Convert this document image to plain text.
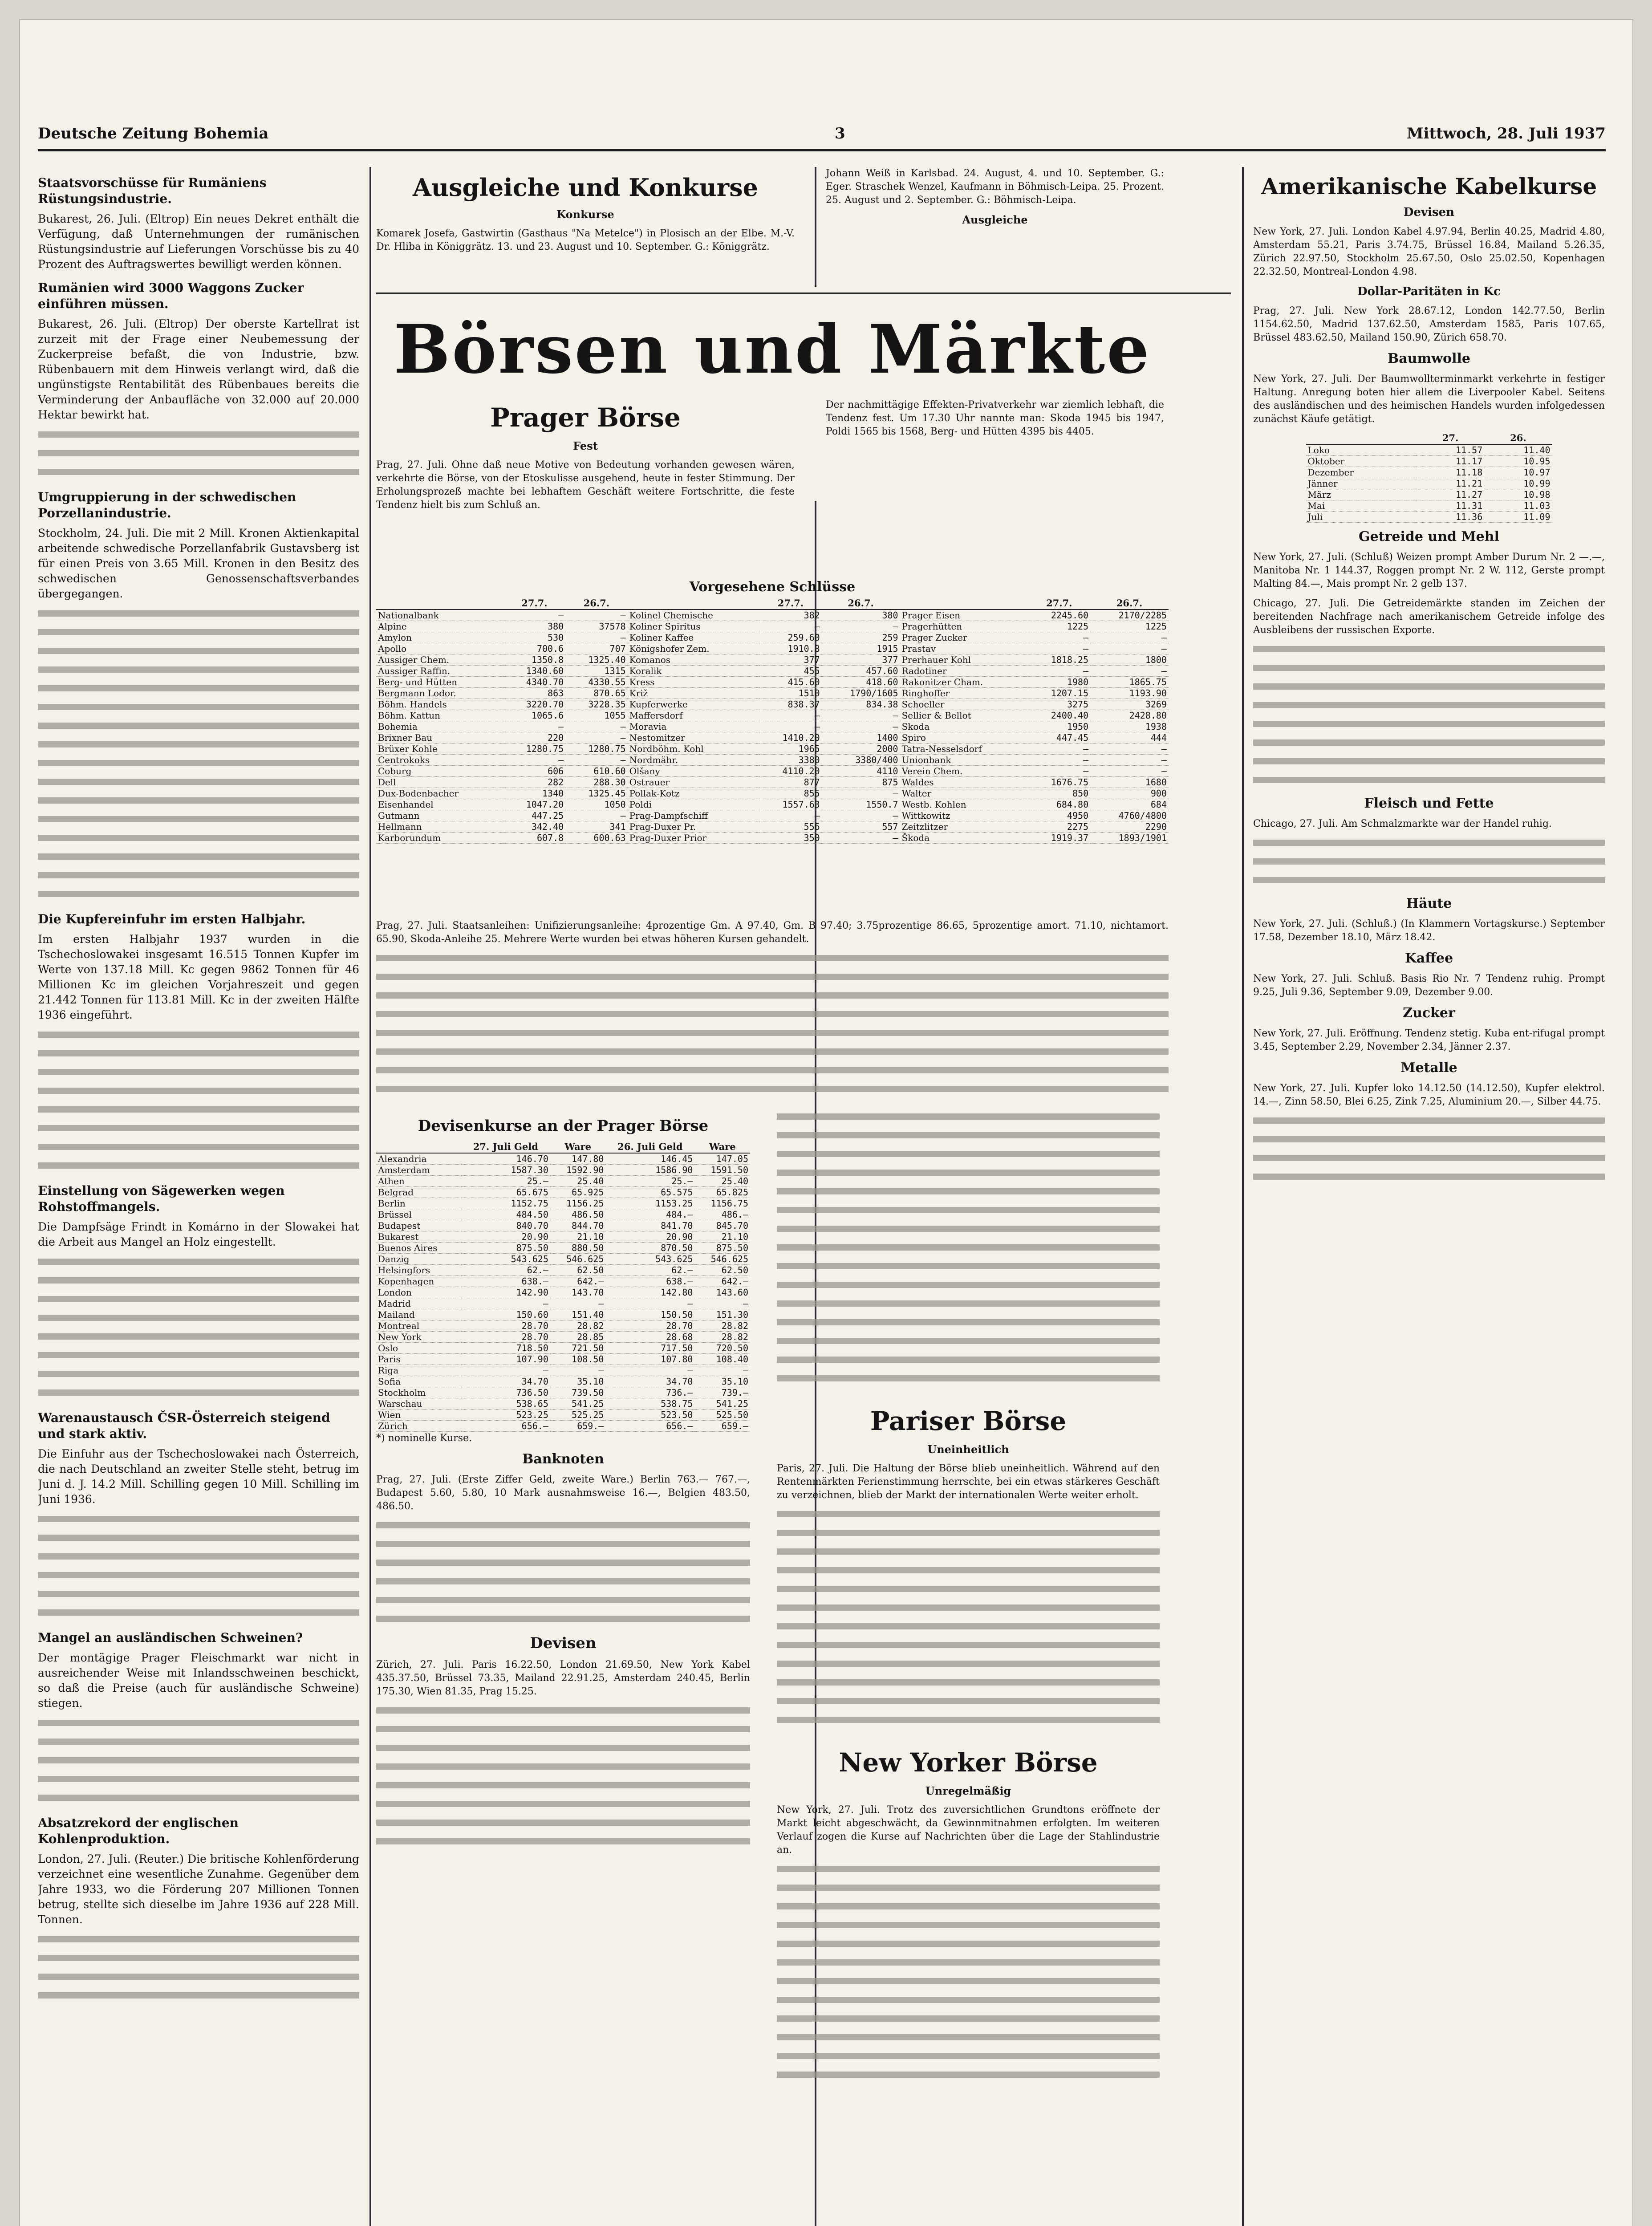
Deutsche Zeitung Bohemia	3	Mittwoch, 28. Juli 1937
Staatsvorschüsse für Rumäniens Rüstungsindustrie.

Bukarest, 26. Juli. (Eltrop) Ein neues Dekret enthält die Verfügung, daß Unternehmungen der rumänischen Rüstungsindustrie auf Lieferungen Vorschüsse bis zu 40 Prozent des Auftragswertes bewilligt werden können.

Rumänien wird 3000 Waggons Zucker einführen müssen.

Bukarest, 26. Juli. (Eltrop) Der oberste Kartellrat ist zurzeit mit der Frage einer Neubemessung der Zuckerpreise befaßt, die von Industrie, bzw. Rübenbauern mit dem Hinweis verlangt wird, daß die ungünstigste Rentabilität des Rübenbaues bereits die Verminderung der Anbaufläche von 32.000 auf 20.000 Hektar bewirkt hat.

Umgruppierung in der schwedischen Porzellanindustrie.

Stockholm, 24. Juli. Die mit 2 Mill. Kronen Aktienkapital arbeitende schwedische Porzellanfabrik Gustavsberg ist für einen Preis von 3.65 Mill. Kronen in den Besitz des schwedischen Genossenschaftsverbandes übergegangen.

Die Kupfereinfuhr im ersten Halbjahr.

Im ersten Halbjahr 1937 wurden in die Tschechoslowakei insgesamt 16.515 Tonnen Kupfer im Werte von 137.18 Mill. Kc gegen 9862 Tonnen für 46 Millionen Kc im gleichen Vorjahreszeit und gegen 21.442 Tonnen für 113.81 Mill. Kc in der zweiten Hälfte 1936 eingeführt.

Einstellung von Sägewerken wegen Rohstoffmangels.

Die Dampfsäge Frindt in Komárno in der Slowakei hat die Arbeit aus Mangel an Holz eingestellt.

Warenaustausch ČSR-Österreich steigend und stark aktiv.

Die Einfuhr aus der Tschechoslowakei nach Österreich, die nach Deutschland an zweiter Stelle steht, betrug im Juni d. J. 14.2 Mill. Schilling gegen 10 Mill. Schilling im Juni 1936.

Mangel an ausländischen Schweinen?

Der montägige Prager Fleischmarkt war nicht in ausreichender Weise mit Inlandsschweinen beschickt, so daß die Preise (auch für ausländische Schweine) stiegen.

Absatzrekord der englischen Kohlenproduktion.

London, 27. Juli. (Reuter.) Die britische Kohlenförderung verzeichnet eine wesentliche Zunahme. Gegenüber dem Jahre 1933, wo die Förderung 207 Millionen Tonnen betrug, stellte sich dieselbe im Jahre 1936 auf 228 Mill. Tonnen.

Ausgleiche und Konkurse
Konkurse

Komarek Josefa, Gastwirtin (Gasthaus "Na Metelce") in Plosisch an der Elbe. M.-V. Dr. Hliba in Königgrätz. 13. und 23. August und 10. September. G.: Königgrätz.

Johann Weiß in Karlsbad. 24. August, 4. und 10. September. G.: Eger. Straschek Wenzel, Kaufmann in Böhmisch-Leipa. 25. Prozent. 25. August und 2. September. G.: Böhmisch-Leipa.

Ausgleiche
Börsen und Märkte
Prager Börse
Fest

Prag, 27. Juli. Ohne daß neue Motive von Bedeutung vorhanden gewesen wären, verkehrte die Börse, von der Etoskulisse ausgehend, heute in fester Stimmung. Der Erholungsprozeß machte bei lebhaftem Geschäft weitere Fortschritte, die feste Tendenz hielt bis zum Schluß an.

Der nachmittägige Effekten-Privatverkehr war ziemlich lebhaft, die Tendenz fest. Um 17.30 Uhr nannte man: Skoda 1945 bis 1947, Poldi 1565 bis 1568, Berg- und Hütten 4395 bis 4405.

Vorgesehene Schlüsse
	27.7.	26.7.		27.7.	26.7.		27.7.	26.7.
Nationalbank	—	—	Kolinel Chemische	382	380	Prager Eisen	2245.60	2170/2285
Alpine	380	37578	Koliner Spiritus	—	—	Pragerhütten	1225	1225
Amylon	530	—	Koliner Kaffee	259.60	259	Prager Zucker	—	—
Apollo	700.6	707	Königshofer Zem.	1910.8	1915	Prastav	—	—
Aussiger Chem.	1350.8	1325.40	Komanos	377	377	Prerhauer Kohl	1818.25	1800
Aussiger Raffin.	1340.60	1315	Koralik	455	457.60	Radotiner	—	—
Berg- und Hütten	4340.70	4330.55	Kress	415.60	418.60	Rakonitzer Cham.	1980	1865.75
Bergmann Lodor.	863	870.65	Križ	1510	1790/1605	Ringhoffer	1207.15	1193.90
Böhm. Handels	3220.70	3228.35	Kupferwerke	838.37	834.38	Schoeller	3275	3269
Böhm. Kattun	1065.6	1055	Maffersdorf	—	—	Sellier & Bellot	2400.40	2428.80
Bohemia	—	—	Moravia	—	—	Skoda	1950	1938
Brixner Bau	220	—	Nestomitzer	1410.20	1400	Spiro	447.45	444
Brüxer Kohle	1280.75	1280.75	Nordböhm. Kohl	1965	2000	Tatra-Nesselsdorf	—	—
Centrokoks	—	—	Nordmähr.	3380	3380/400	Unionbank	—	—
Coburg	606	610.60	Olšany	4110.20	4110	Verein Chem.	—	—
Dell	282	288.30	Ostrauer	877	875	Waldes	1676.75	1680
Dux-Bodenbacher	1340	1325.45	Pollak-Kotz	855	—	Walter	850	900
Eisenhandel	1047.20	1050	Poldi	1557.63	1550.7	Westb. Kohlen	684.80	684
Gutmann	447.25	—	Prag-Dampfschiff	—	—	Wittkowitz	4950	4760/4800
Hellmann	342.40	341	Prag-Duxer Pr.	556	557	Zeitzlitzer	2275	2290
Karborundum	607.8	600.63	Prag-Duxer Prior	350	—	Škoda	1919.37	1893/1901

Prag, 27. Juli. Staatsanleihen: Unifizierungsanleihe: 4prozentige Gm. A 97.40, Gm. B 97.40; 3.75prozentige 86.65, 5prozentige amort. 71.10, nichtamort. 65.90, Skoda-Anleihe 25. Mehrere Werte wurden bei etwas höheren Kursen gehandelt.

Devisenkurse an der Prager Börse
	27. Juli Geld	Ware	26. Juli Geld	Ware
Alexandria	146.70	147.80	146.45	147.05
Amsterdam	1587.30	1592.90	1586.90	1591.50
Athen	25.—	25.40	25.—	25.40
Belgrad	65.675	65.925	65.575	65.825
Berlin	1152.75	1156.25	1153.25	1156.75
Brüssel	484.50	486.50	484.—	486.—
Budapest	840.70	844.70	841.70	845.70
Bukarest	20.90	21.10	20.90	21.10
Buenos Aires	875.50	880.50	870.50	875.50
Danzig	543.625	546.625	543.625	546.625
Helsingfors	62.—	62.50	62.—	62.50
Kopenhagen	638.—	642.—	638.—	642.—
London	142.90	143.70	142.80	143.60
Madrid	—	—	—	—
Mailand	150.60	151.40	150.50	151.30
Montreal	28.70	28.82	28.70	28.82
New York	28.70	28.85	28.68	28.82
Oslo	718.50	721.50	717.50	720.50
Paris	107.90	108.50	107.80	108.40
Riga	—	—	—	—
Sofia	34.70	35.10	34.70	35.10
Stockholm	736.50	739.50	736.—	739.—
Warschau	538.65	541.25	538.75	541.25
Wien	523.25	525.25	523.50	525.50
Zürich	656.—	659.—	656.—	659.—
*) nominelle Kurse.
Banknoten

Prag, 27. Juli. (Erste Ziffer Geld, zweite Ware.) Berlin 763.— 767.—, Budapest 5.60, 5.80, 10 Mark ausnahmsweise 16.—, Belgien 483.50, 486.50.

Devisen

Zürich, 27. Juli. Paris 16.22.50, London 21.69.50, New York Kabel 435.37.50, Brüssel 73.35, Mailand 22.91.25, Amsterdam 240.45, Berlin 175.30, Wien 81.35, Prag 15.25.

Pariser Börse
Uneinheitlich

Paris, 27. Juli. Die Haltung der Börse blieb uneinheitlich. Während auf den Rentenmärkten Ferienstimmung herrschte, bei ein etwas stärkeres Geschäft zu verzeichnen, blieb der Markt der internationalen Werte weiter erholt.

New Yorker Börse
Unregelmäßig

New York, 27. Juli. Trotz des zuversichtlichen Grundtons eröffnete der Markt leicht abgeschwächt, da Gewinnmitnahmen erfolgten. Im weiteren Verlauf zogen die Kurse auf Nachrichten über die Lage der Stahlindustrie an.

Amerikanische Kabelkurse
Devisen

New York, 27. Juli. London Kabel 4.97.94, Berlin 40.25, Madrid 4.80, Amsterdam 55.21, Paris 3.74.75, Brüssel 16.84, Mailand 5.26.35, Zürich 22.97.50, Stockholm 25.67.50, Oslo 25.02.50, Kopenhagen 22.32.50, Montreal-London 4.98.

Dollar-Paritäten in Kc

Prag, 27. Juli. New York 28.67.12, London 142.77.50, Berlin 1154.62.50, Madrid 137.62.50, Amsterdam 1585, Paris 107.65, Brüssel 483.62.50, Mailand 150.90, Zürich 658.70.

Baumwolle

New York, 27. Juli. Der Baumwollterminmarkt verkehrte in festiger Haltung. Anregung boten hier allem die Liverpooler Kabel. Seitens des ausländischen und des heimischen Handels wurden infolgedessen zunächst Käufe getätigt.

	27.	26.
Loko	11.57	11.40
Oktober	11.17	10.95
Dezember	11.18	10.97
Jänner	11.21	10.99
März	11.27	10.98
Mai	11.31	11.03
Juli	11.36	11.09
Getreide und Mehl

New York, 27. Juli. (Schluß) Weizen prompt Amber Durum Nr. 2 —.—, Manitoba Nr. 1 144.37, Roggen prompt Nr. 2 W. 112, Gerste prompt Malting 84.—, Mais prompt Nr. 2 gelb 137.

Chicago, 27. Juli. Die Getreidemärkte standen im Zeichen der bereitenden Nachfrage nach amerikanischem Getreide infolge des Ausbleibens der russischen Exporte.

Fleisch und Fette

Chicago, 27. Juli. Am Schmalzmarkte war der Handel ruhig.

Häute

New York, 27. Juli. (Schluß.) (In Klammern Vortagskurse.) September 17.58, Dezember 18.10, März 18.42.

Kaffee

New York, 27. Juli. Schluß. Basis Rio Nr. 7 Tendenz ruhig. Prompt 9.25, Juli 9.36, September 9.09, Dezember 9.00.

Zucker

New York, 27. Juli. Eröffnung. Tendenz stetig. Kuba ent-rifugal prompt 3.45, September 2.29, November 2.34, Jänner 2.37.

Metalle

New York, 27. Juli. Kupfer loko 14.12.50 (14.12.50), Kupfer elektrol. 14.—, Zinn 58.50, Blei 6.25, Zink 7.25, Aluminium 20.—, Silber 44.75.
